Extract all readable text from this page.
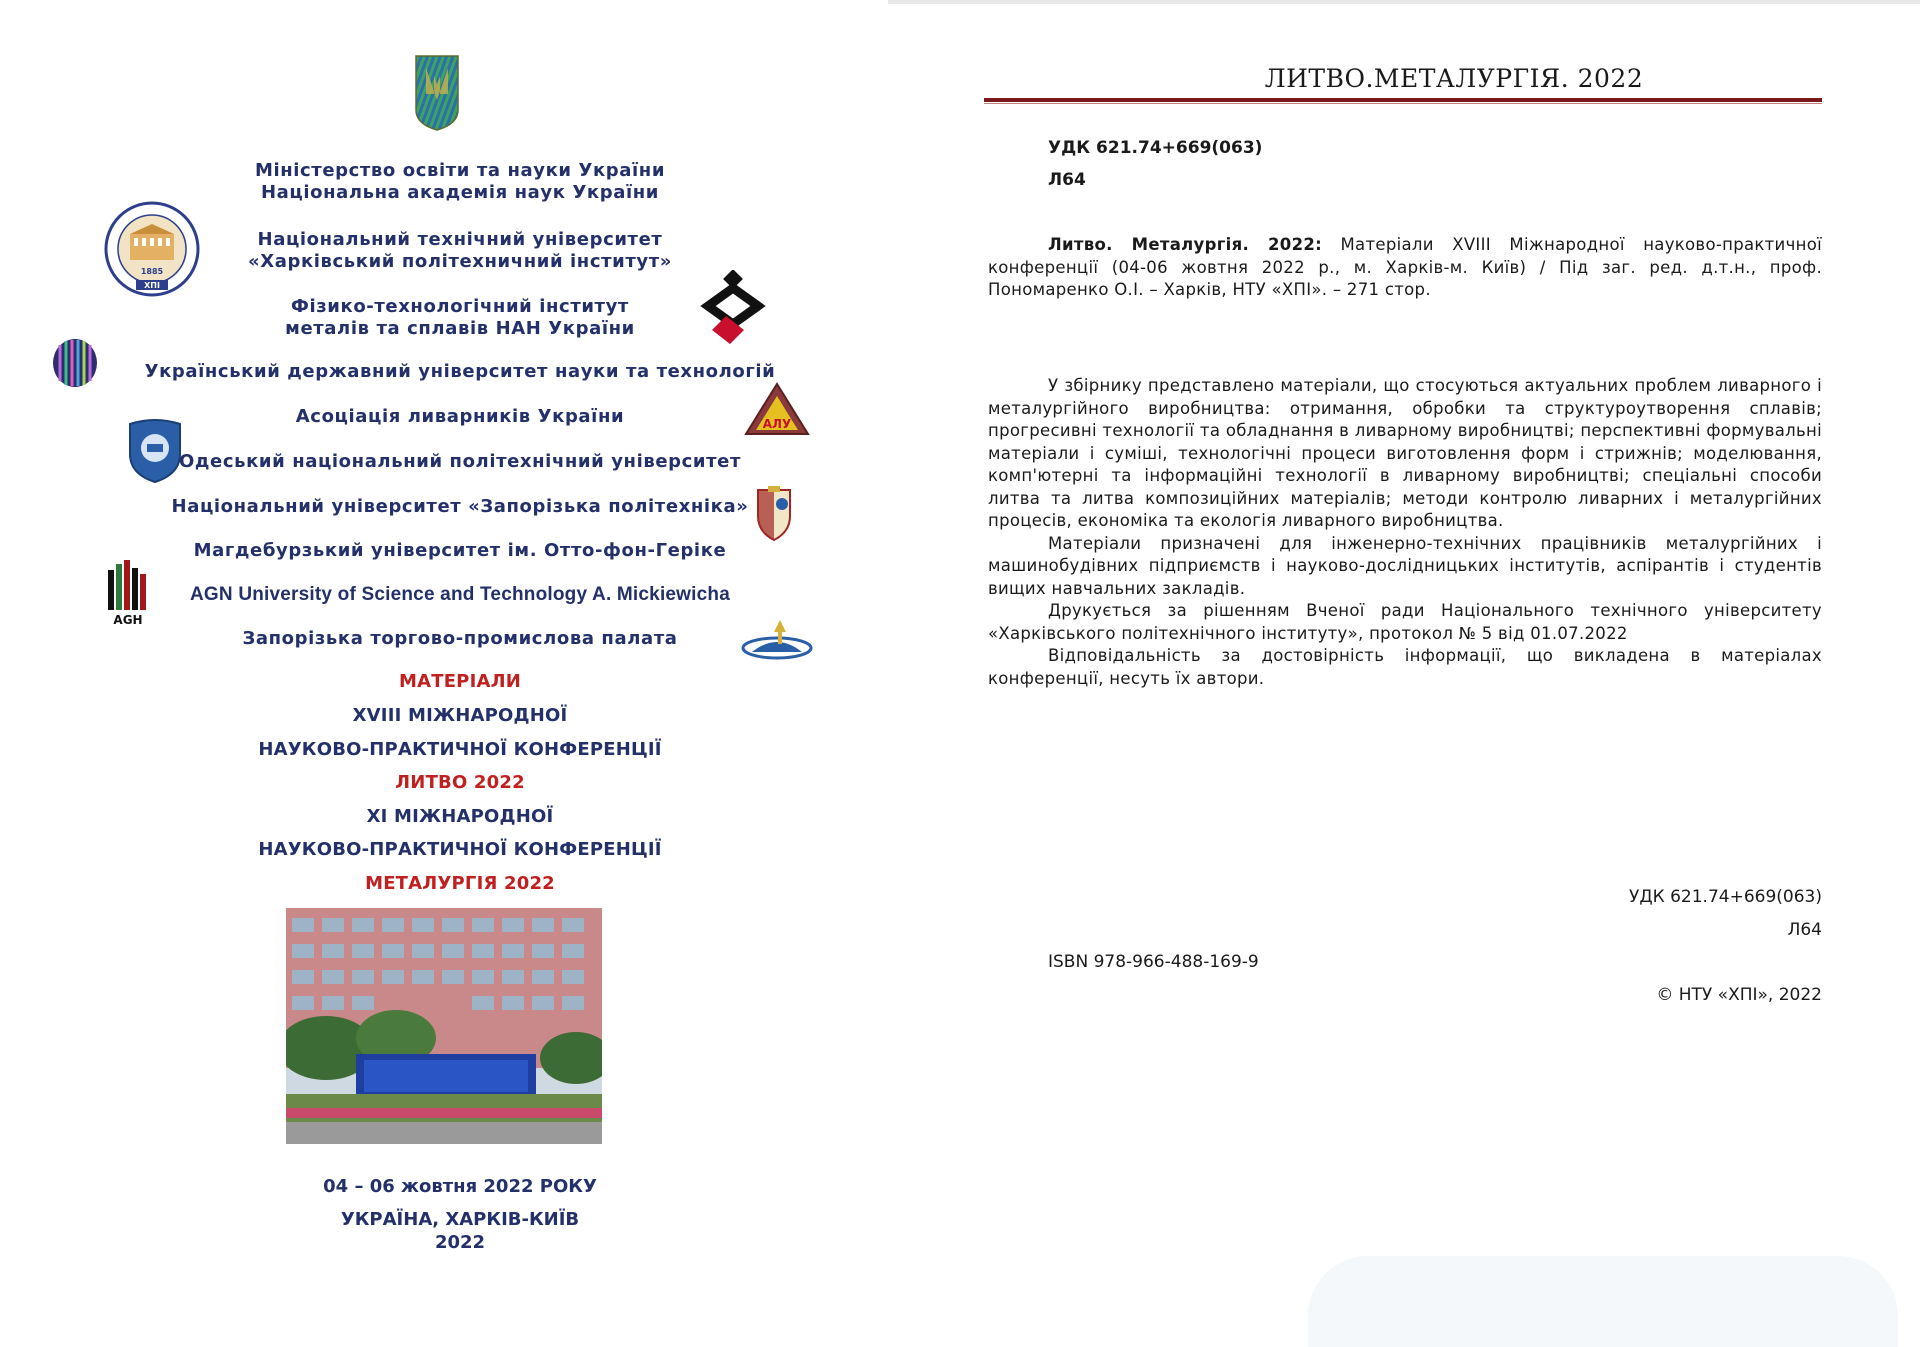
Міністерство освіти та науки України
Національна академія наук України
1885
ХПІ
Національний технічний університет
«Харківський політехничний інститут»
Фізико-технологічний інститут
металів та сплавів НАН України
Український державний університет науки та технологій
Асоціація ливарників України	АЛУ
Одеський національний політехнічний університет
Національний університет «Запорізька політехніка»
Магдебурзький університет ім. Отто-фон-Геріке
AGH
AGN University of Science and Technology A. Mickiewicha
Запорізька торгово-промислова палата
МАТЕРІАЛИ
XVIII МІЖНАРОДНОЇ
НАУКОВО-ПРАКТИЧНОЇ КОНФЕРЕНЦІЇ
ЛИТВО 2022
XI МІЖНАРОДНОЇ
НАУКОВО-ПРАКТИЧНОЇ КОНФЕРЕНЦІЇ
МЕТАЛУРГІЯ 2022
04 – 06 жовтня 2022 РОКУ
УКРАЇНА, ХАРКІВ-КИЇВ
2022
ЛИТВО.МЕТАЛУРГІЯ. 2022
УДК 621.74+669(063)
Л64

Литво. Металургія. 2022: Матеріали XVIII Міжнародної науково-практичної конференції (04-06 жовтня 2022 р., м. Харків-м. Київ) / Під заг. ред. д.т.н., проф. Пономаренко О.І. – Харків, НТУ «ХПІ». – 271 стор.

У збірнику представлено матеріали, що стосуються актуальних проблем ливарного і металургійного виробництва: отримання, обробки та структуроутворення сплавів; прогресивні технології та обладнання в ливарному виробництві; перспективні формувальні матеріали і суміші, технологічні процеси виготовлення форм і стрижнів; моделювання, комп'ютерні та інформаційні технології в ливарному виробництві; спеціальні способи литва та литва композиційних матеріалів; методи контролю ливарних і металургійних процесів, економіка та екологія ливарного виробництва.

Матеріали призначені для інженерно-технічних працівників металургійних і машинобудівних підприємств і науково-дослідницьких інститутів, аспірантів і студентів вищих навчальних закладів.

Друкується за рішенням Вченої ради Національного технічного університету «Харківського політехнічного інституту», протокол № 5 від 01.07.2022

Відповідальність за достовірність інформації, що викладена в матеріалах конференції, несуть їх автори.

УДК 621.74+669(063)
Л64
ISBN 978-966-488-169-9
© НТУ «ХПІ», 2022
